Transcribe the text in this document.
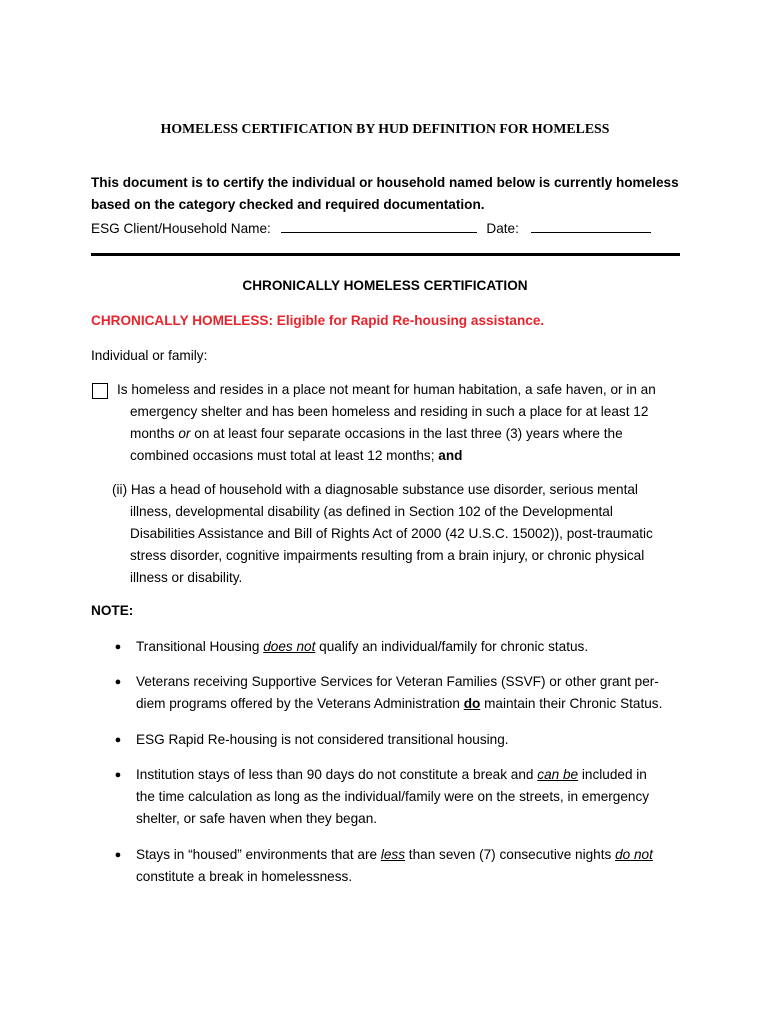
HOMELESS CERTIFICATION BY HUD DEFINITION FOR HOMELESS

This document is to certify the individual or household named below is currently homeless

based on the category checked and required documentation.

ESG Client/Household Name:	Date:
CHRONICALLY HOMELESS CERTIFICATION
CHRONICALLY HOMELESS: Eligible for Rapid Re-housing assistance.
Individual or family:
Is homeless and resides in a place not meant for human habitation, a safe haven, or in an
emergency shelter and has been homeless and residing in such a place for at least 12
months or on at least four separate occasions in the last three (3) years where the
combined occasions must total at least 12 months; and
(ii) Has a head of household with a diagnosable substance use disorder, serious mental
illness, developmental disability (as defined in Section 102 of the Developmental
Disabilities Assistance and Bill of Rights Act of 2000 (42 U.S.C. 15002)), post-traumatic
stress disorder, cognitive impairments resulting from a brain injury, or chronic physical
illness or disability.
NOTE:
● Transitional Housing does not qualify an individual/family for chronic status.
● Veterans receiving Supportive Services for Veteran Families (SSVF) or other grant per-
diem programs offered by the Veterans Administration do maintain their Chronic Status.
● ESG Rapid Re-housing is not considered transitional housing.
● Institution stays of less than 90 days do not constitute a break and can be included in
the time calculation as long as the individual/family were on the streets, in emergency
shelter, or safe haven when they began.
● Stays in “housed” environments that are less than seven (7) consecutive nights do not
constitute a break in homelessness.
